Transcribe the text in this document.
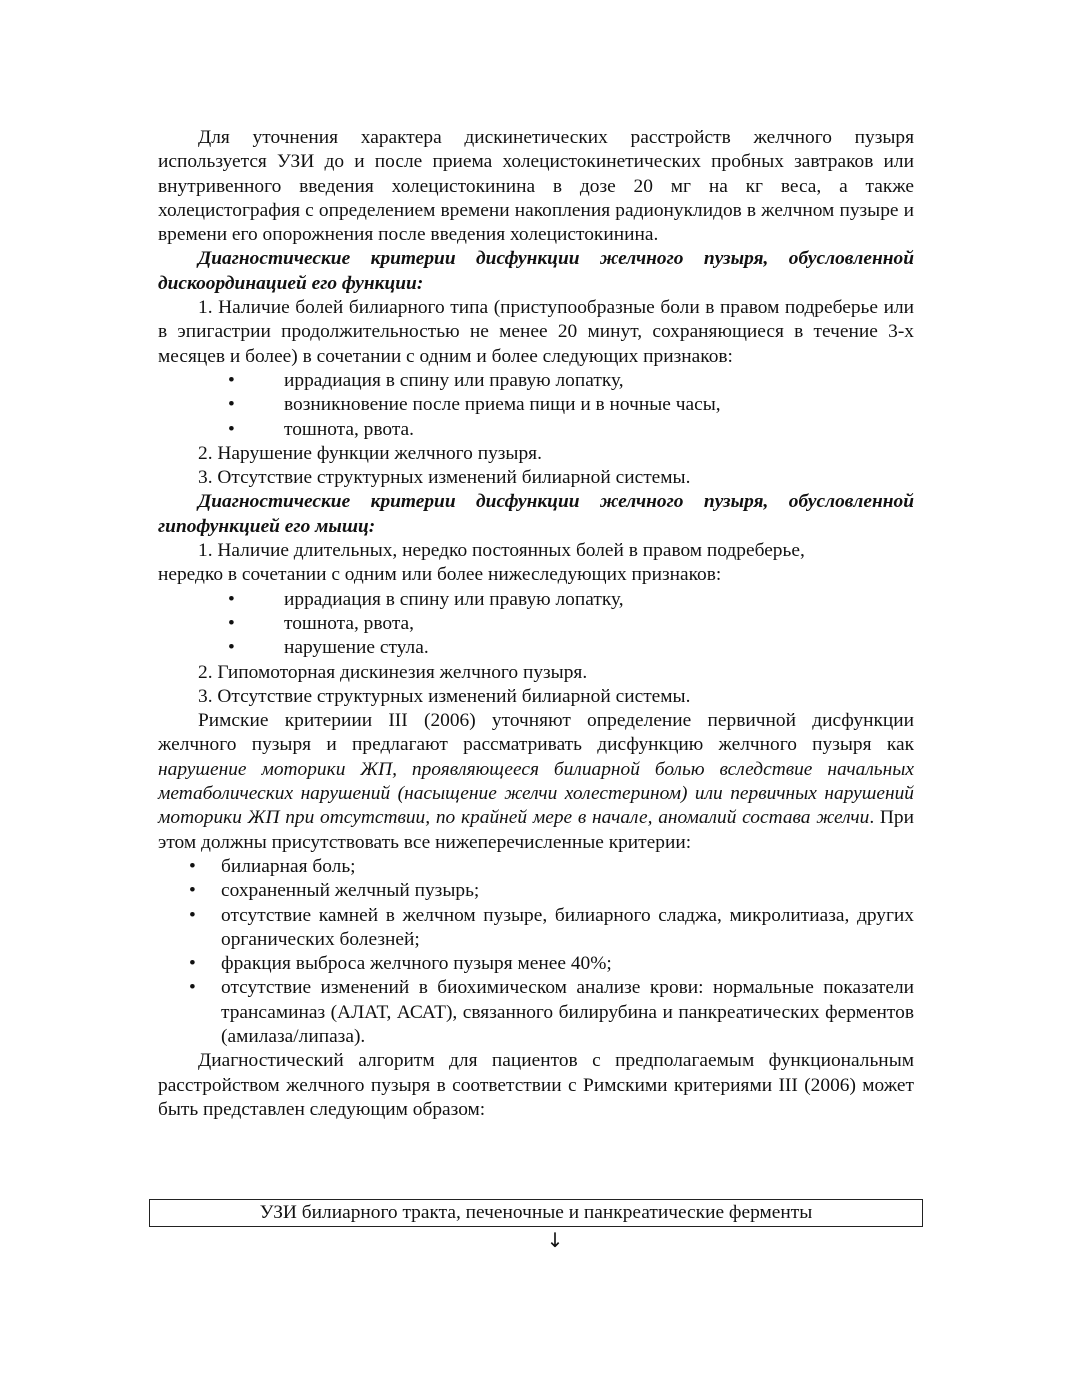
Для уточнения характера дискинетических расстройств желчного пузыря используется УЗИ до и после приема холецистокинетических пробных завтраков или внутривенного введения холецистокинина в дозе 20 мг на кг веса, а также холецистография с определением времени накопления радионуклидов в желчном пузыре и времени его опорожнения после введения холецистокинина.

Диагностические критерии дисфункции желчного пузыря, обусловленной дискоординацией его функции:

1. Наличие болей билиарного типа (приступообразные боли в правом подреберье или в эпигастрии продолжительностью не менее 20 минут, сохраняющиеся в течение 3-х месяцев и более) в сочетании с одним и более следующих признаков:

•	иррадиация в спину или правую лопатку,
•	возникновение после приема пищи и в ночные часы,
•	тошнота, рвота.

2. Нарушение функции желчного пузыря.

3. Отсутствие структурных изменений билиарной системы.

Диагностические критерии дисфункции желчного пузыря, обусловленной гипофункцией его мышц:

1. Наличие длительных, нередко постоянных болей в правом подреберье,

нередко в сочетании с одним или более нижеследующих признаков:

•	иррадиация в спину или правую лопатку,
•	тошнота, рвота,
•	нарушение стула.

2. Гипомоторная дискинезия желчного пузыря.

3. Отсутствие структурных изменений билиарной системы.

Римские критериии III (2006) уточняют определение первичной дисфункции желчного пузыря и предлагают рассматривать дисфункцию желчного пузыря как нарушение моторики ЖП, проявляющееся билиарной болью вследствие начальных метаболических нарушений (насыщение желчи холестерином) или первичных нарушений моторики ЖП при отсутствии, по крайней мере в начале, аномалий состава желчи. При этом должны присутствовать все нижеперечисленные критерии:

• билиарная боль;
• сохраненный желчный пузырь;
• отсутствие камней в желчном пузыре, билиарного сладжа, микролитиаза, других органических болезней;
• фракция выброса желчного пузыря менее 40%;
• отсутствие изменений в биохимическом анализе крови: нормальные показатели трансаминаз (АЛАТ, АСАТ), связанного билирубина и панкреатических ферментов (амилаза/липаза).

Диагностический алгоритм для пациентов с предполагаемым функциональным расстройством желчного пузыря в соответствии с Римскими критериями III (2006) может быть представлен следующим образом:

УЗИ билиарного тракта, печеночные и панкреатические ферменты
↓
